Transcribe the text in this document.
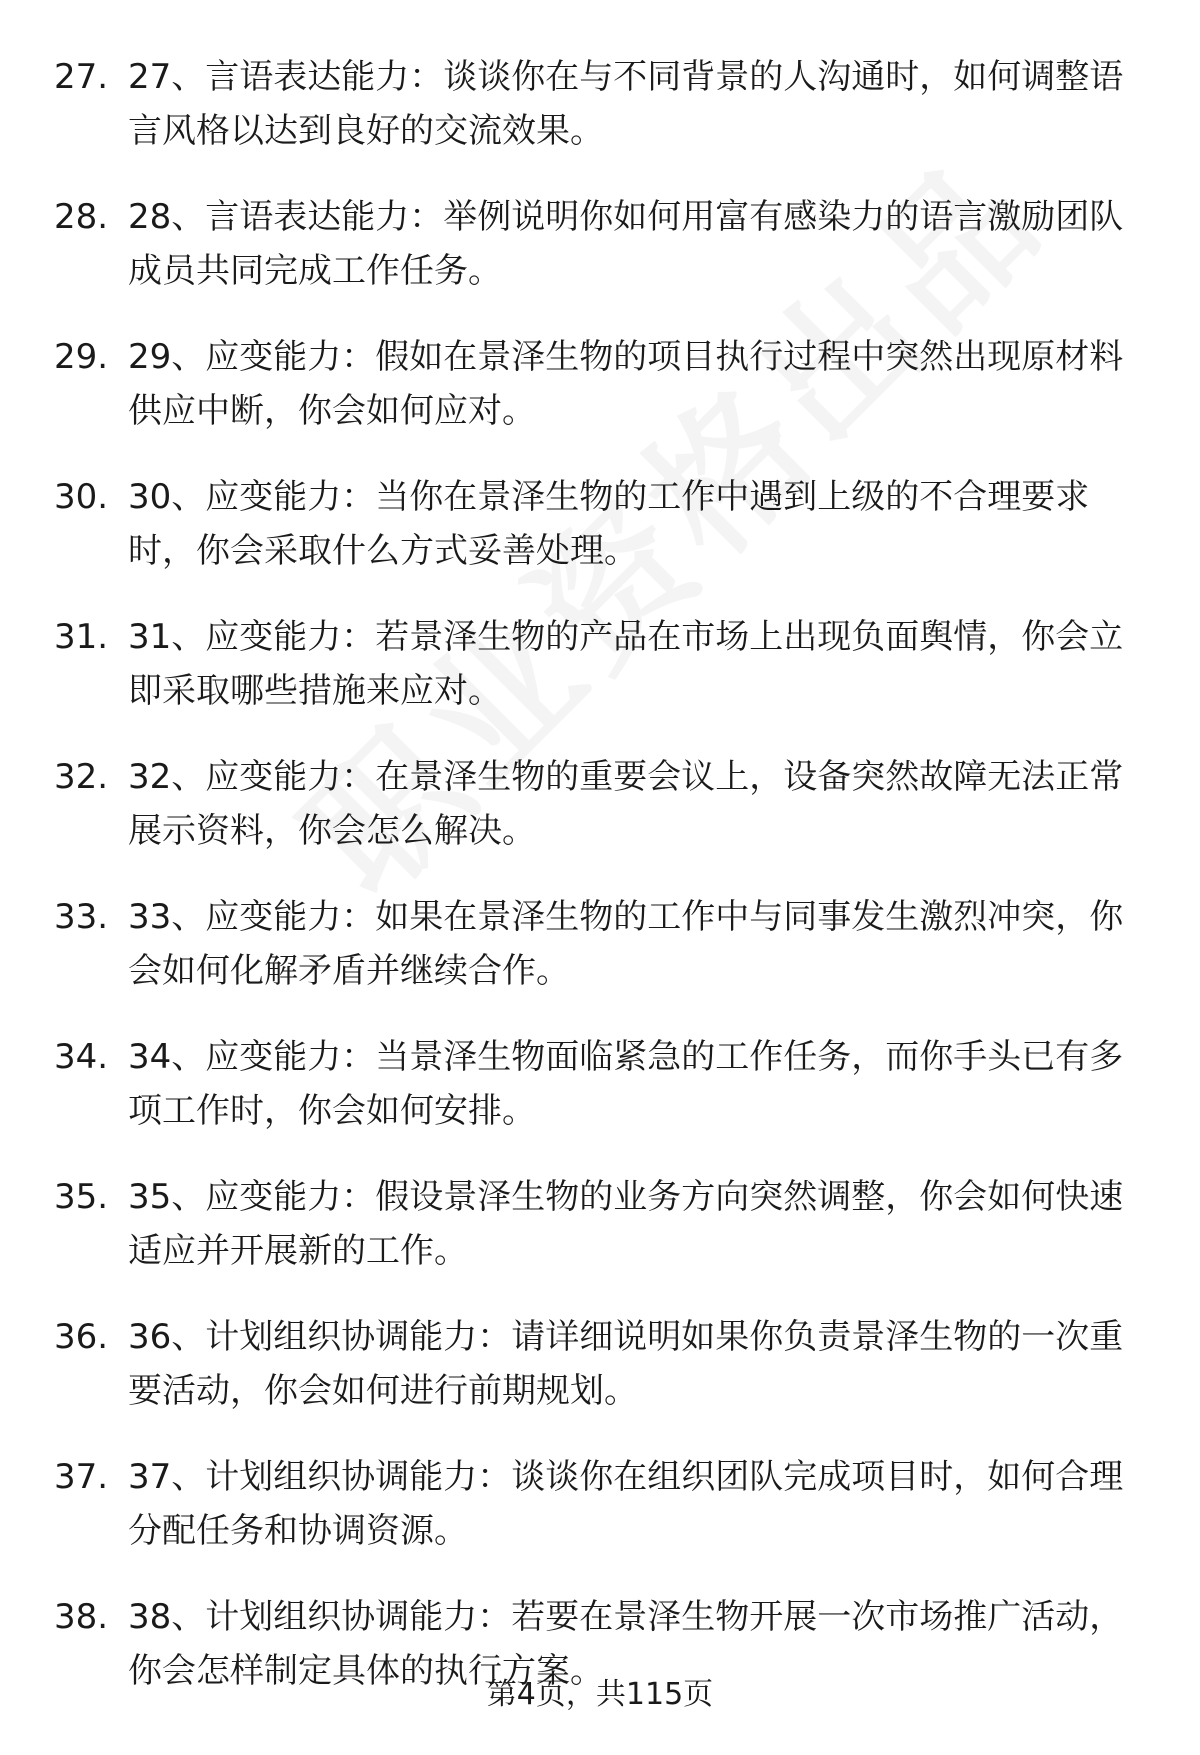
27. 27、言语表达能力：谈谈你在与不同背景的人沟通时，如何调整语言风格以达到良好的交流效果。
28. 28、言语表达能力：举例说明你如何用富有感染力的语言激励团队成员共同完成工作任务。
29. 29、应变能力：假如在景泽生物的项目执行过程中突然出现原材料供应中断，你会如何应对。
30. 30、应变能力：当你在景泽生物的工作中遇到上级的不合理要求时，你会采取什么方式妥善处理。
31. 31、应变能力：若景泽生物的产品在市场上出现负面舆情，你会立即采取哪些措施来应对。
32. 32、应变能力：在景泽生物的重要会议上，设备突然故障无法正常展示资料，你会怎么解决。
33. 33、应变能力：如果在景泽生物的工作中与同事发生激烈冲突，你会如何化解矛盾并继续合作。
34. 34、应变能力：当景泽生物面临紧急的工作任务，而你手头已有多项工作时，你会如何安排。
35. 35、应变能力：假设景泽生物的业务方向突然调整，你会如何快速适应并开展新的工作。
36. 36、计划组织协调能力：请详细说明如果你负责景泽生物的一次重要活动，你会如何进行前期规划。
37. 37、计划组织协调能力：谈谈你在组织团队完成项目时，如何合理分配任务和协调资源。
38. 38、计划组织协调能力：若要在景泽生物开展一次市场推广活动，你会怎样制定具体的执行方案。
第4页，共115页
